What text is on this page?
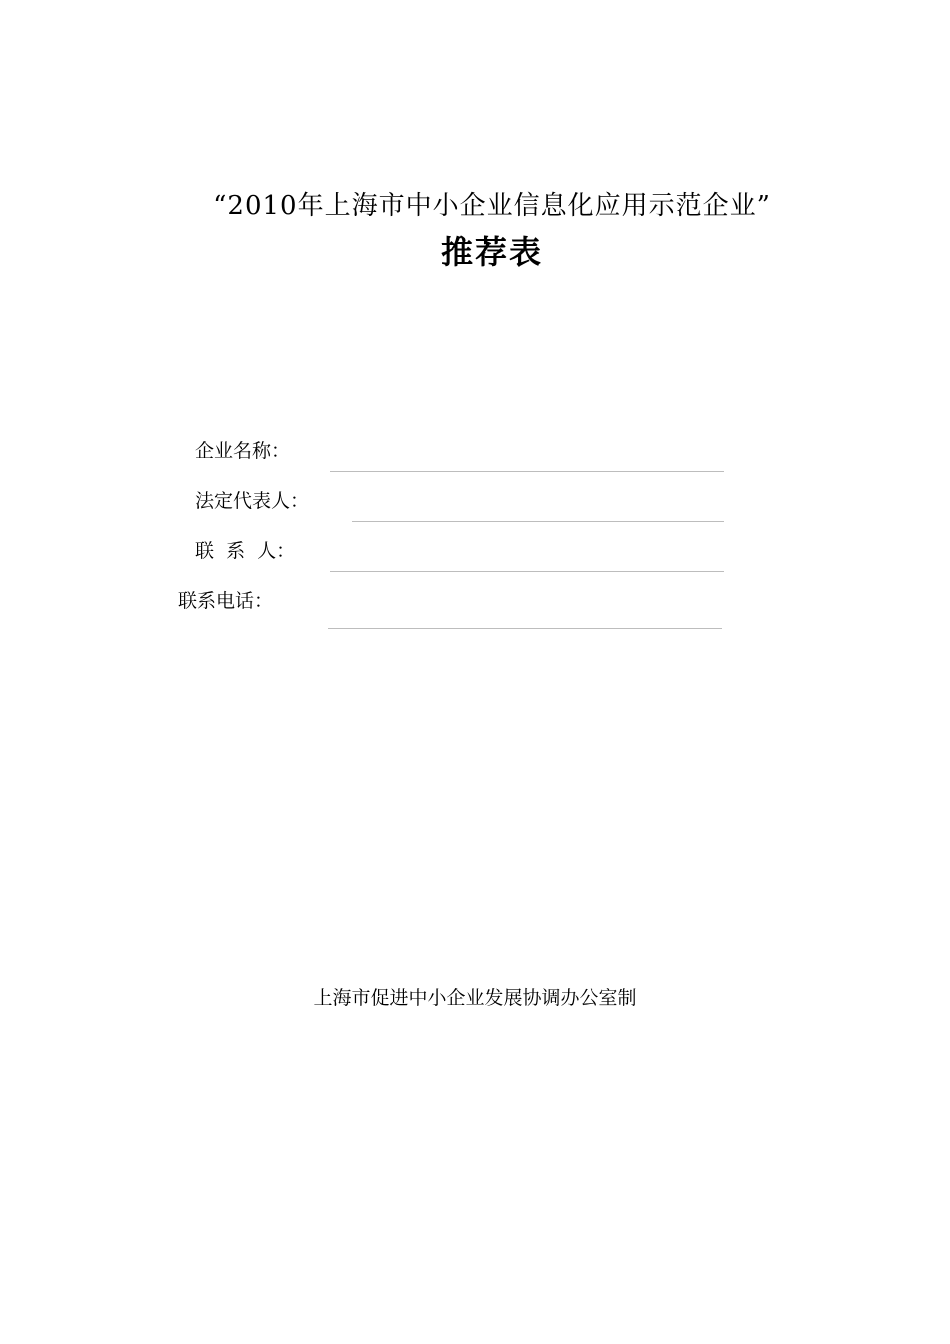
“2010年上海市中小企业信息化应用示范企业”
推荐表
企业名称：
法定代表人：
联  系  人：
联系电话：
上海市促进中小企业发展协调办公室制
